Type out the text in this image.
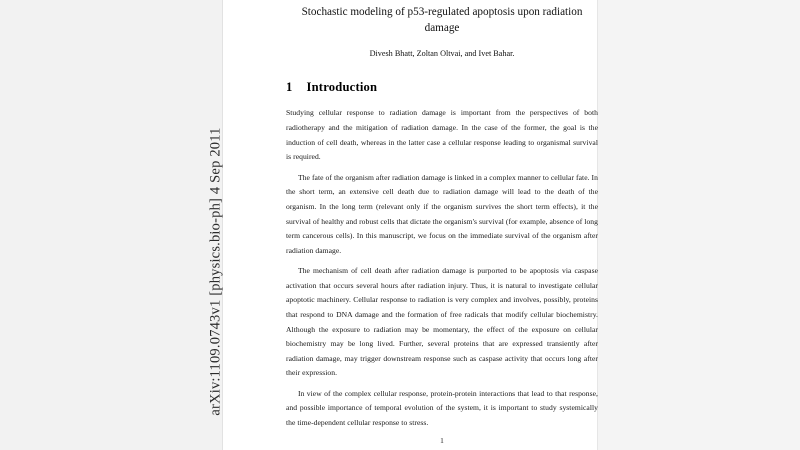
arXiv:1109.0743v1 [physics.bio-ph] 4 Sep 2011
Stochastic modeling of p53-regulated apoptosis upon radiation damage
Divesh Bhatt, Zoltan Oltvai, and Ivet Bahar.
1 Introduction

Studying cellular response to radiation damage is important from the perspectives of both radiotherapy and the mitigation of radiation damage. In the case of the former, the goal is the induction of cell death, whereas in the latter case a cellular response leading to organismal survival is required.

The fate of the organism after radiation damage is linked in a complex manner to cellular fate. In the short term, an extensive cell death due to radiation damage will lead to the death of the organism. In the long term (relevant only if the organism survives the short term effects), it the survival of healthy and robust cells that dictate the organism's survival (for example, absence of long term cancerous cells). In this manuscript, we focus on the immediate survival of the organism after radiation damage.

The mechanism of cell death after radiation damage is purported to be apoptosis via caspase activation that occurs several hours after radiation injury. Thus, it is natural to investigate cellular apoptotic machinery. Cellular response to radiation is very complex and involves, possibly, proteins that respond to DNA damage and the formation of free radicals that modify cellular biochemistry. Although the exposure to radiation may be momentary, the effect of the exposure on cellular biochemistry may be long lived. Further, several proteins that are expressed transiently after radiation damage, may trigger downstream response such as caspase activity that occurs long after their expression.

In view of the complex cellular response, protein-protein interactions that lead to that response, and possible importance of temporal evolution of the system, it is important to study systemically the time-dependent cellular response to stress.

1
